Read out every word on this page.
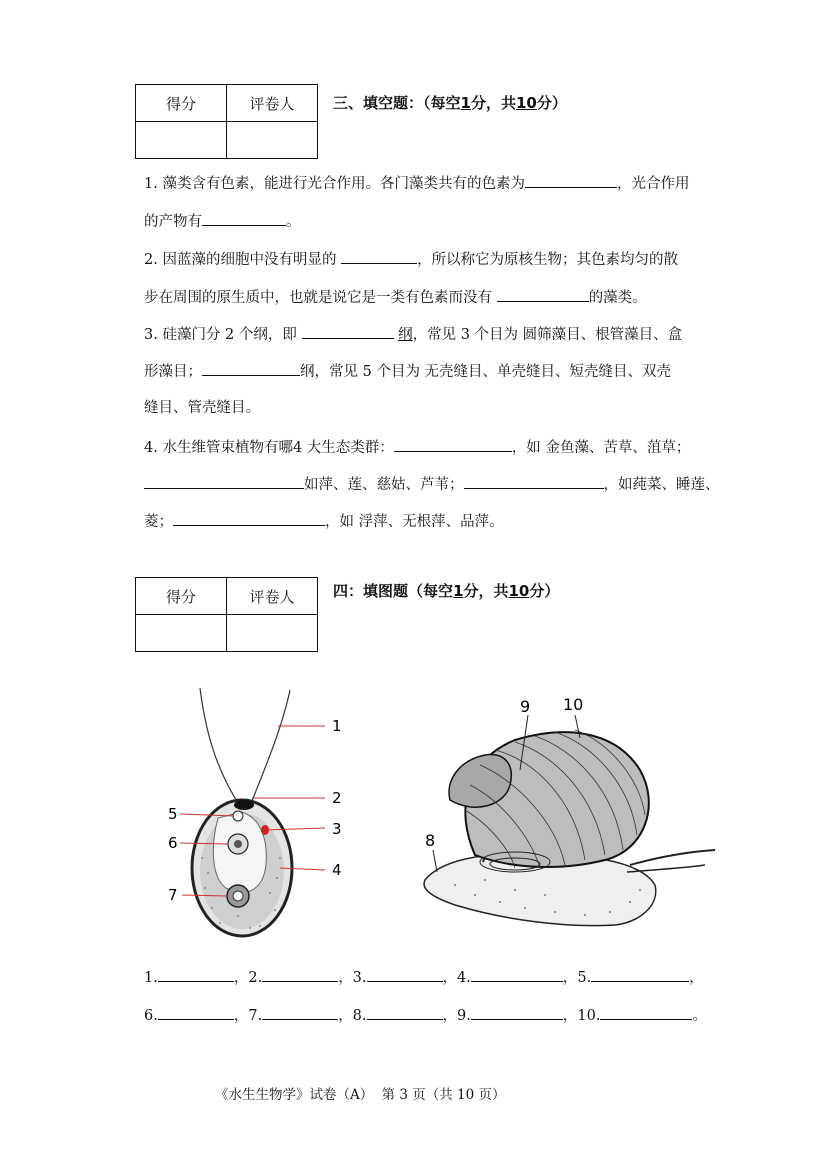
得分	评卷人
		三、填空题：（每空1分，共10分）
1. 藻类含有色素，能进行光合作用。各门藻类共有的色素为	，光合作用
的产物有	。
2. 因蓝藻的细胞中没有明显的	，所以称它为原核生物；其色素均匀的散
步在周围的原生质中，也就是说它是一类有色素而没有	的藻类。
3. 硅藻门分 2 个纲，即	纲，常见 3 个目为 圆筛藻目、根管藻目、盒
形藻目；	纲，常见 5 个目为 无壳缝目、单壳缝目、短壳缝目、双壳
缝目、管壳缝目。
4. 水生维管束植物有哪4 大生态类群：	，如 金鱼藻、苦草、菹草；
如萍、莲、慈姑、芦苇；	，如莼菜、睡莲、
菱；	，如 浮萍、无根萍、品萍。
得分	评卷人
		四：填图题（每空1分，共10分）
1
2
3
4
5
6
7
9 10
8
1.	，2.	，3.	，4.	，5.	，
6.	，7.	，8.	，9.	，10.	。
《水生生物学》试卷（A） 第 3 页（共 10 页）
